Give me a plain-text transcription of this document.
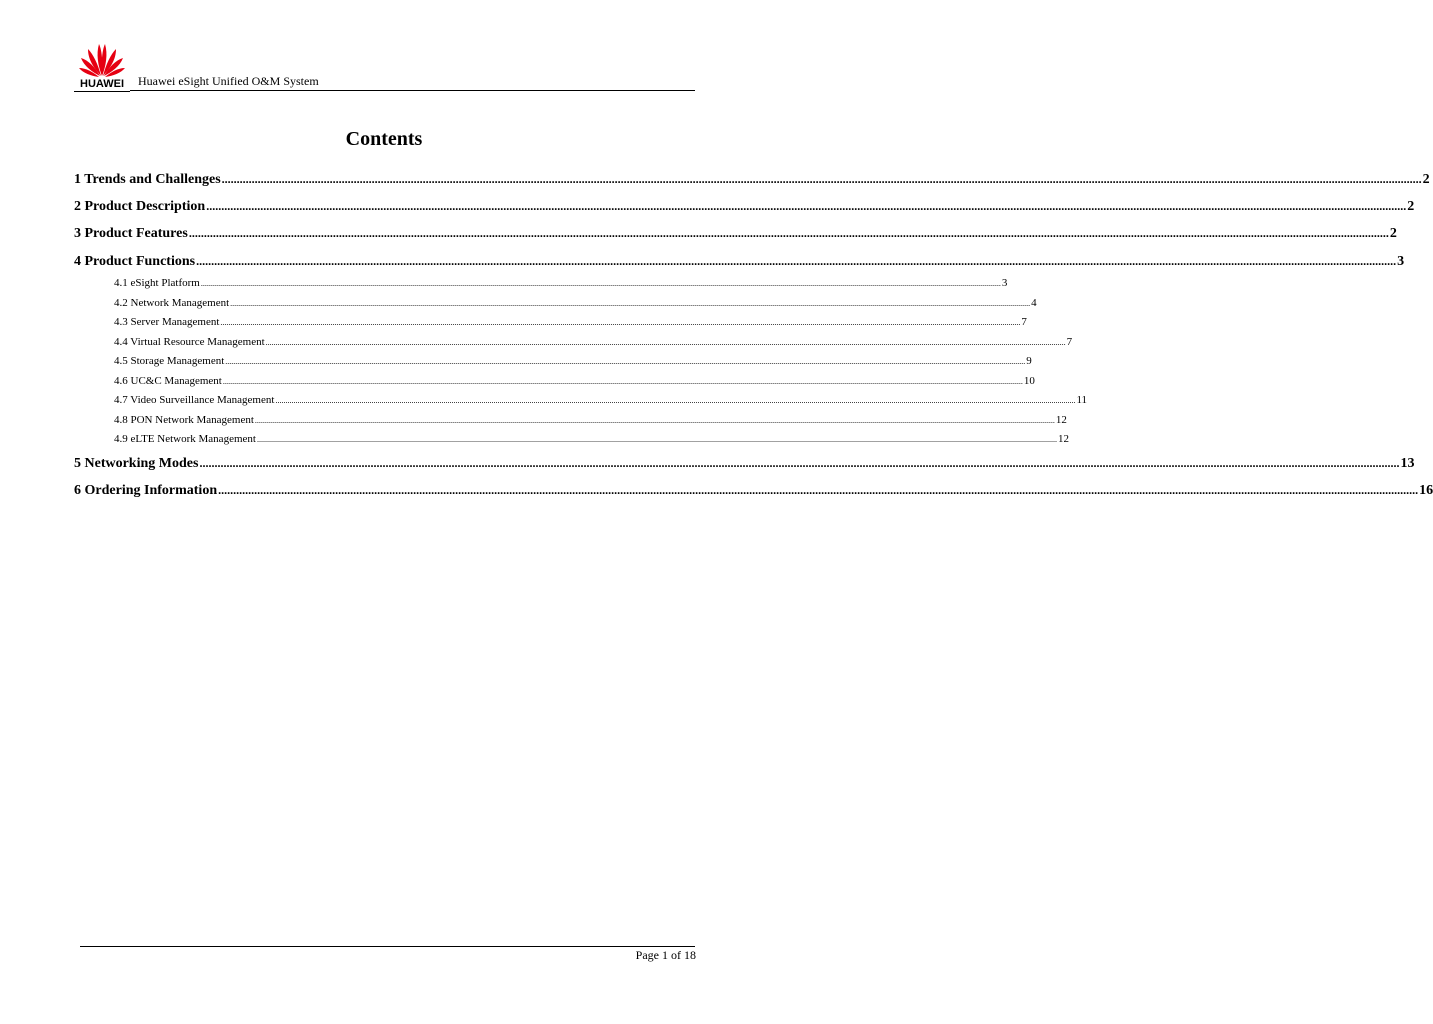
HUAWEI	Huawei eSight Unified O&M System
Contents
1 Trends and Challenges ................................................................................................................................................................................................................................................................................................................................................................................................................ 2
2 Product Description ................................................................................................................................................................................................................................................................................................................................................................................................................ 2
3 Product Features ................................................................................................................................................................................................................................................................................................................................................................................................................ 2
4 Product Functions ................................................................................................................................................................................................................................................................................................................................................................................................................ 3
4.1 eSight Platform ................................................................................................................................................................................................................................................................................................................................................................................................................ 3
4.2 Network Management ................................................................................................................................................................................................................................................................................................................................................................................................................ 4
4.3 Server Management ................................................................................................................................................................................................................................................................................................................................................................................................................ 7
4.4 Virtual Resource Management ................................................................................................................................................................................................................................................................................................................................................................................................................ 7
4.5 Storage Management ................................................................................................................................................................................................................................................................................................................................................................................................................ 9
4.6 UC&C Management ................................................................................................................................................................................................................................................................................................................................................................................................................ 10
4.7 Video Surveillance Management ................................................................................................................................................................................................................................................................................................................................................................................................................ 11
4.8 PON Network Management ................................................................................................................................................................................................................................................................................................................................................................................................................ 12
4.9 eLTE Network Management ................................................................................................................................................................................................................................................................................................................................................................................................................ 12
5 Networking Modes ................................................................................................................................................................................................................................................................................................................................................................................................................ 13
6 Ordering Information ................................................................................................................................................................................................................................................................................................................................................................................................................ 16
Page 1 of 18
